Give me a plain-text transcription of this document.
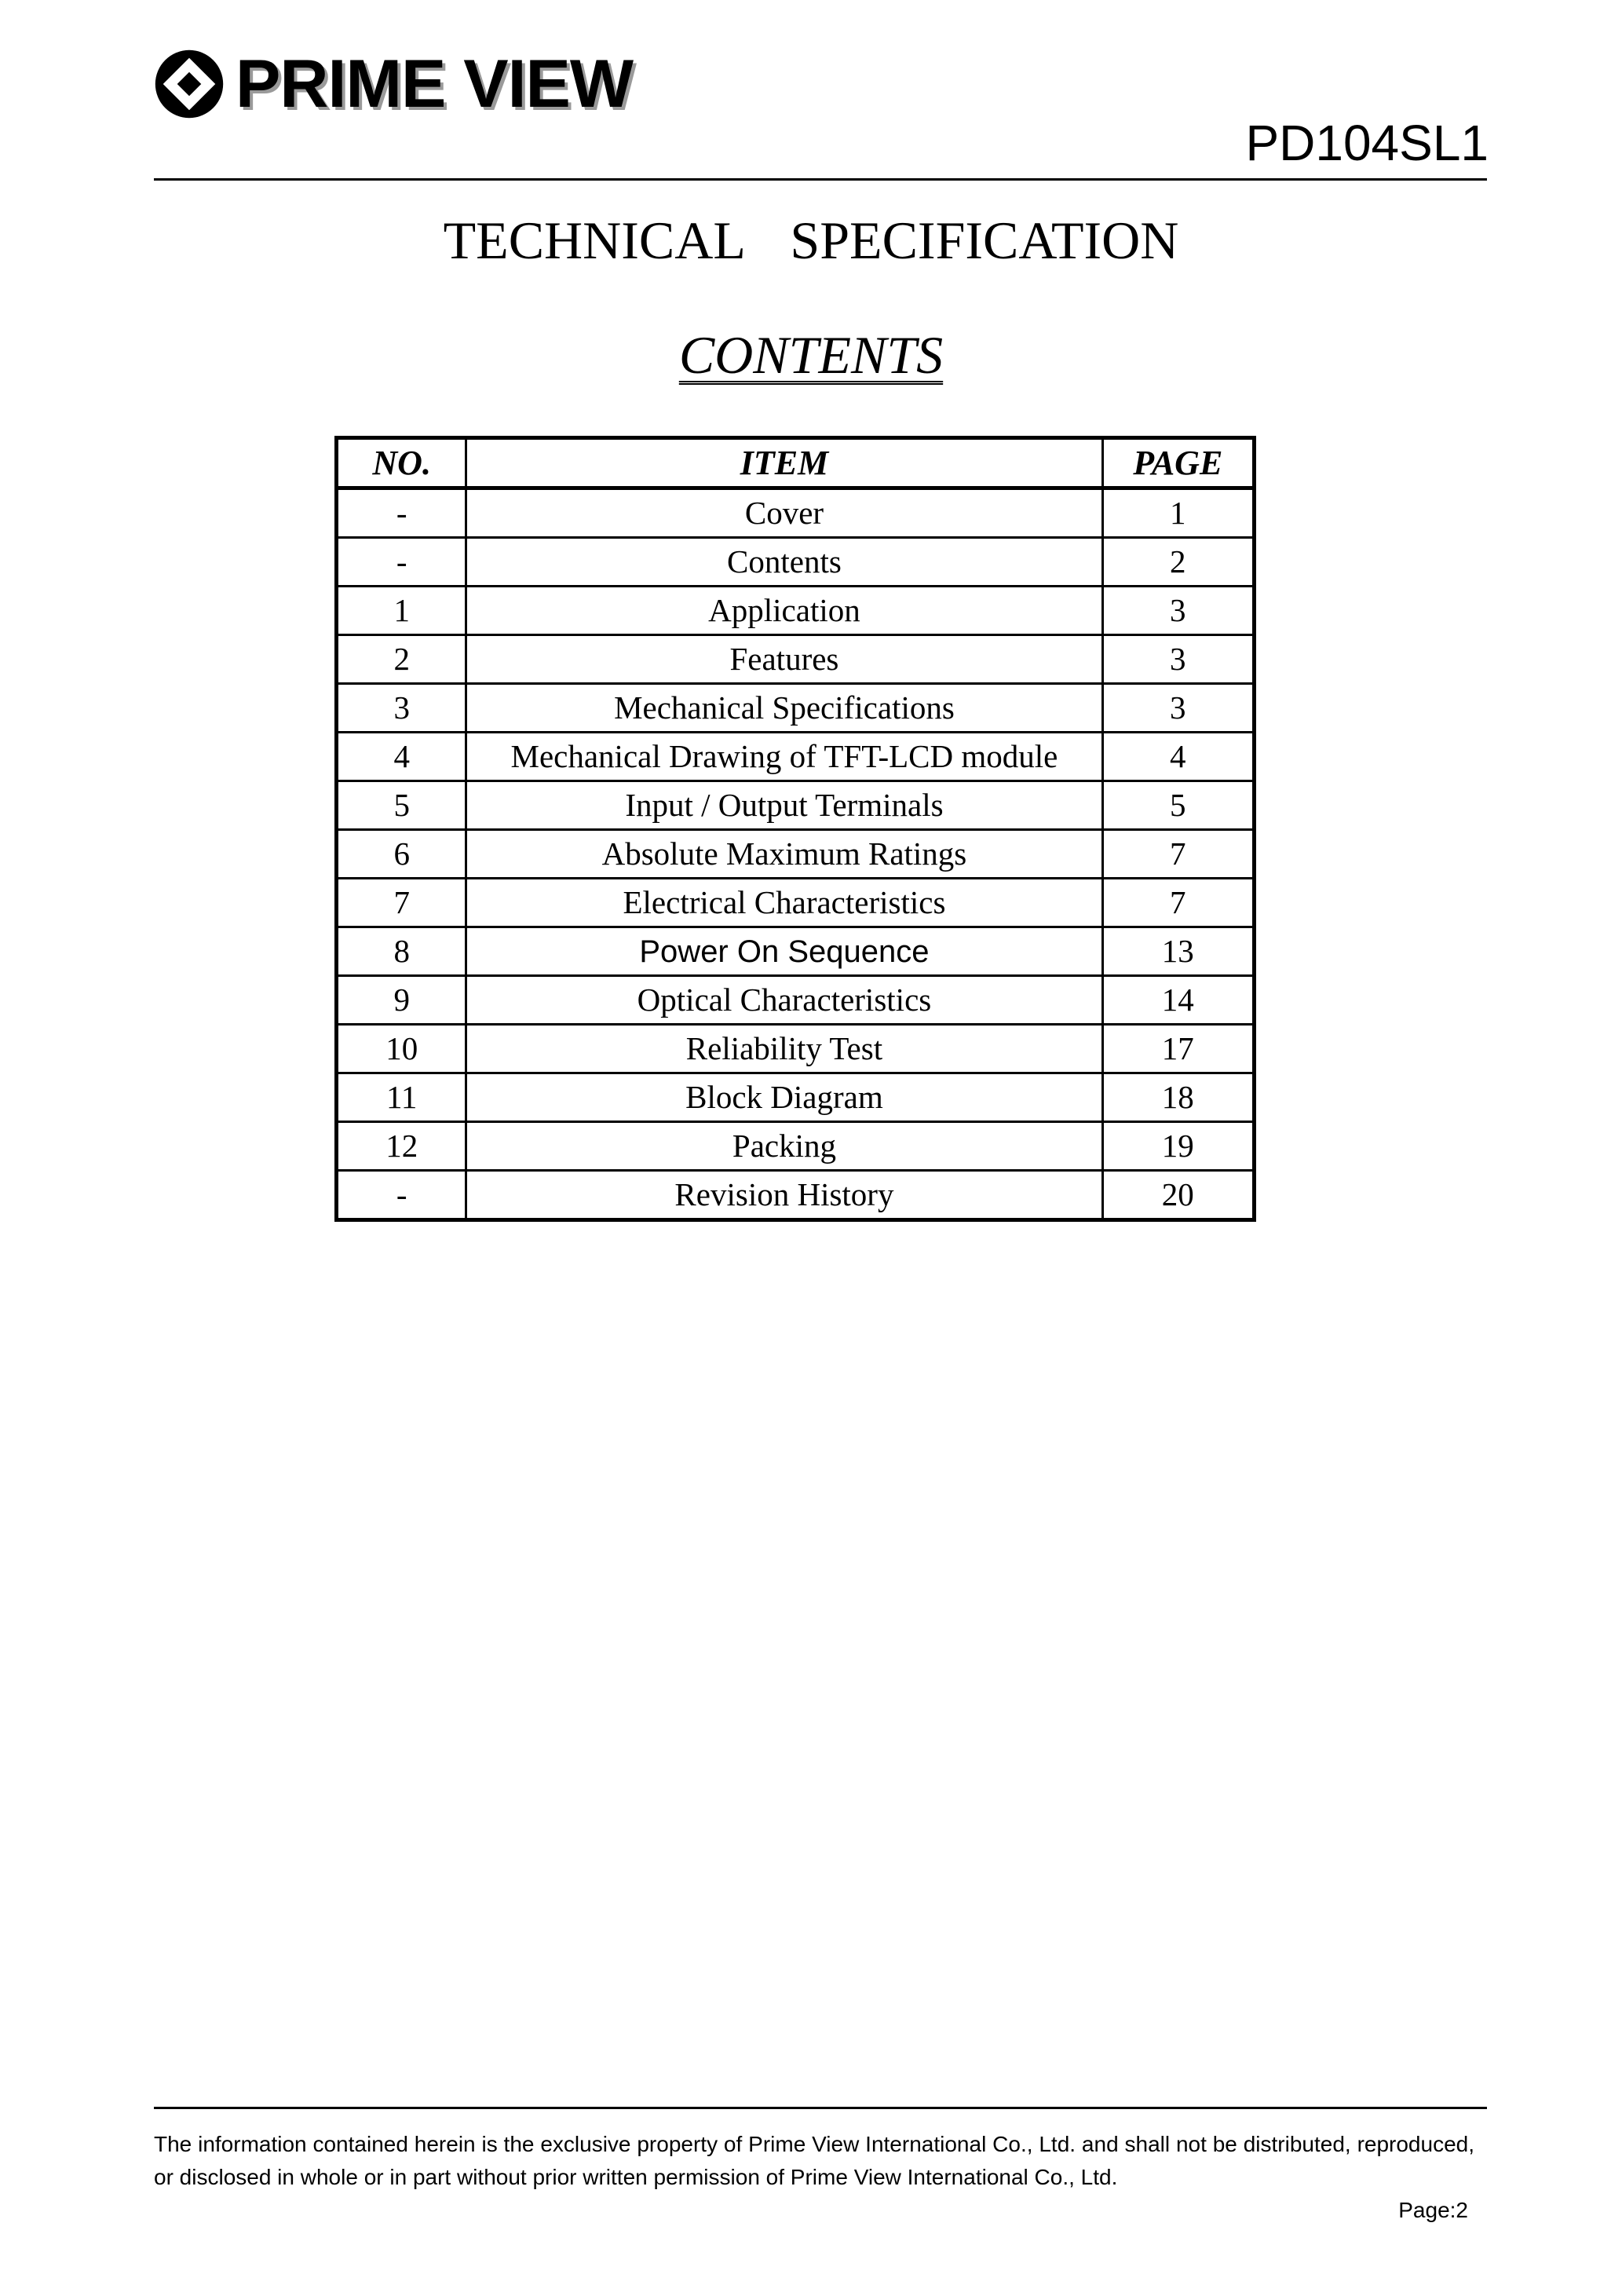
PRIME VIEW
PD104SL1
TECHNICAL SPECIFICATION
CONTENTS
NO.	ITEM	PAGE
-	Cover	1
-	Contents	2
1	Application	3
2	Features	3
3	Mechanical Specifications	3
4	Mechanical Drawing of TFT-LCD module	4
5	Input / Output Terminals	5
6	Absolute Maximum Ratings	7
7	Electrical Characteristics	7
8	Power On Sequence	13
9	Optical Characteristics	14
10	Reliability Test	17
11	Block Diagram	18
12	Packing	19
-	Revision History	20
The information contained herein is the exclusive property of Prime View International Co., Ltd. and shall not be distributed, reproduced, or disclosed in whole or in part without prior written permission of Prime View International Co., Ltd.
Page:2
